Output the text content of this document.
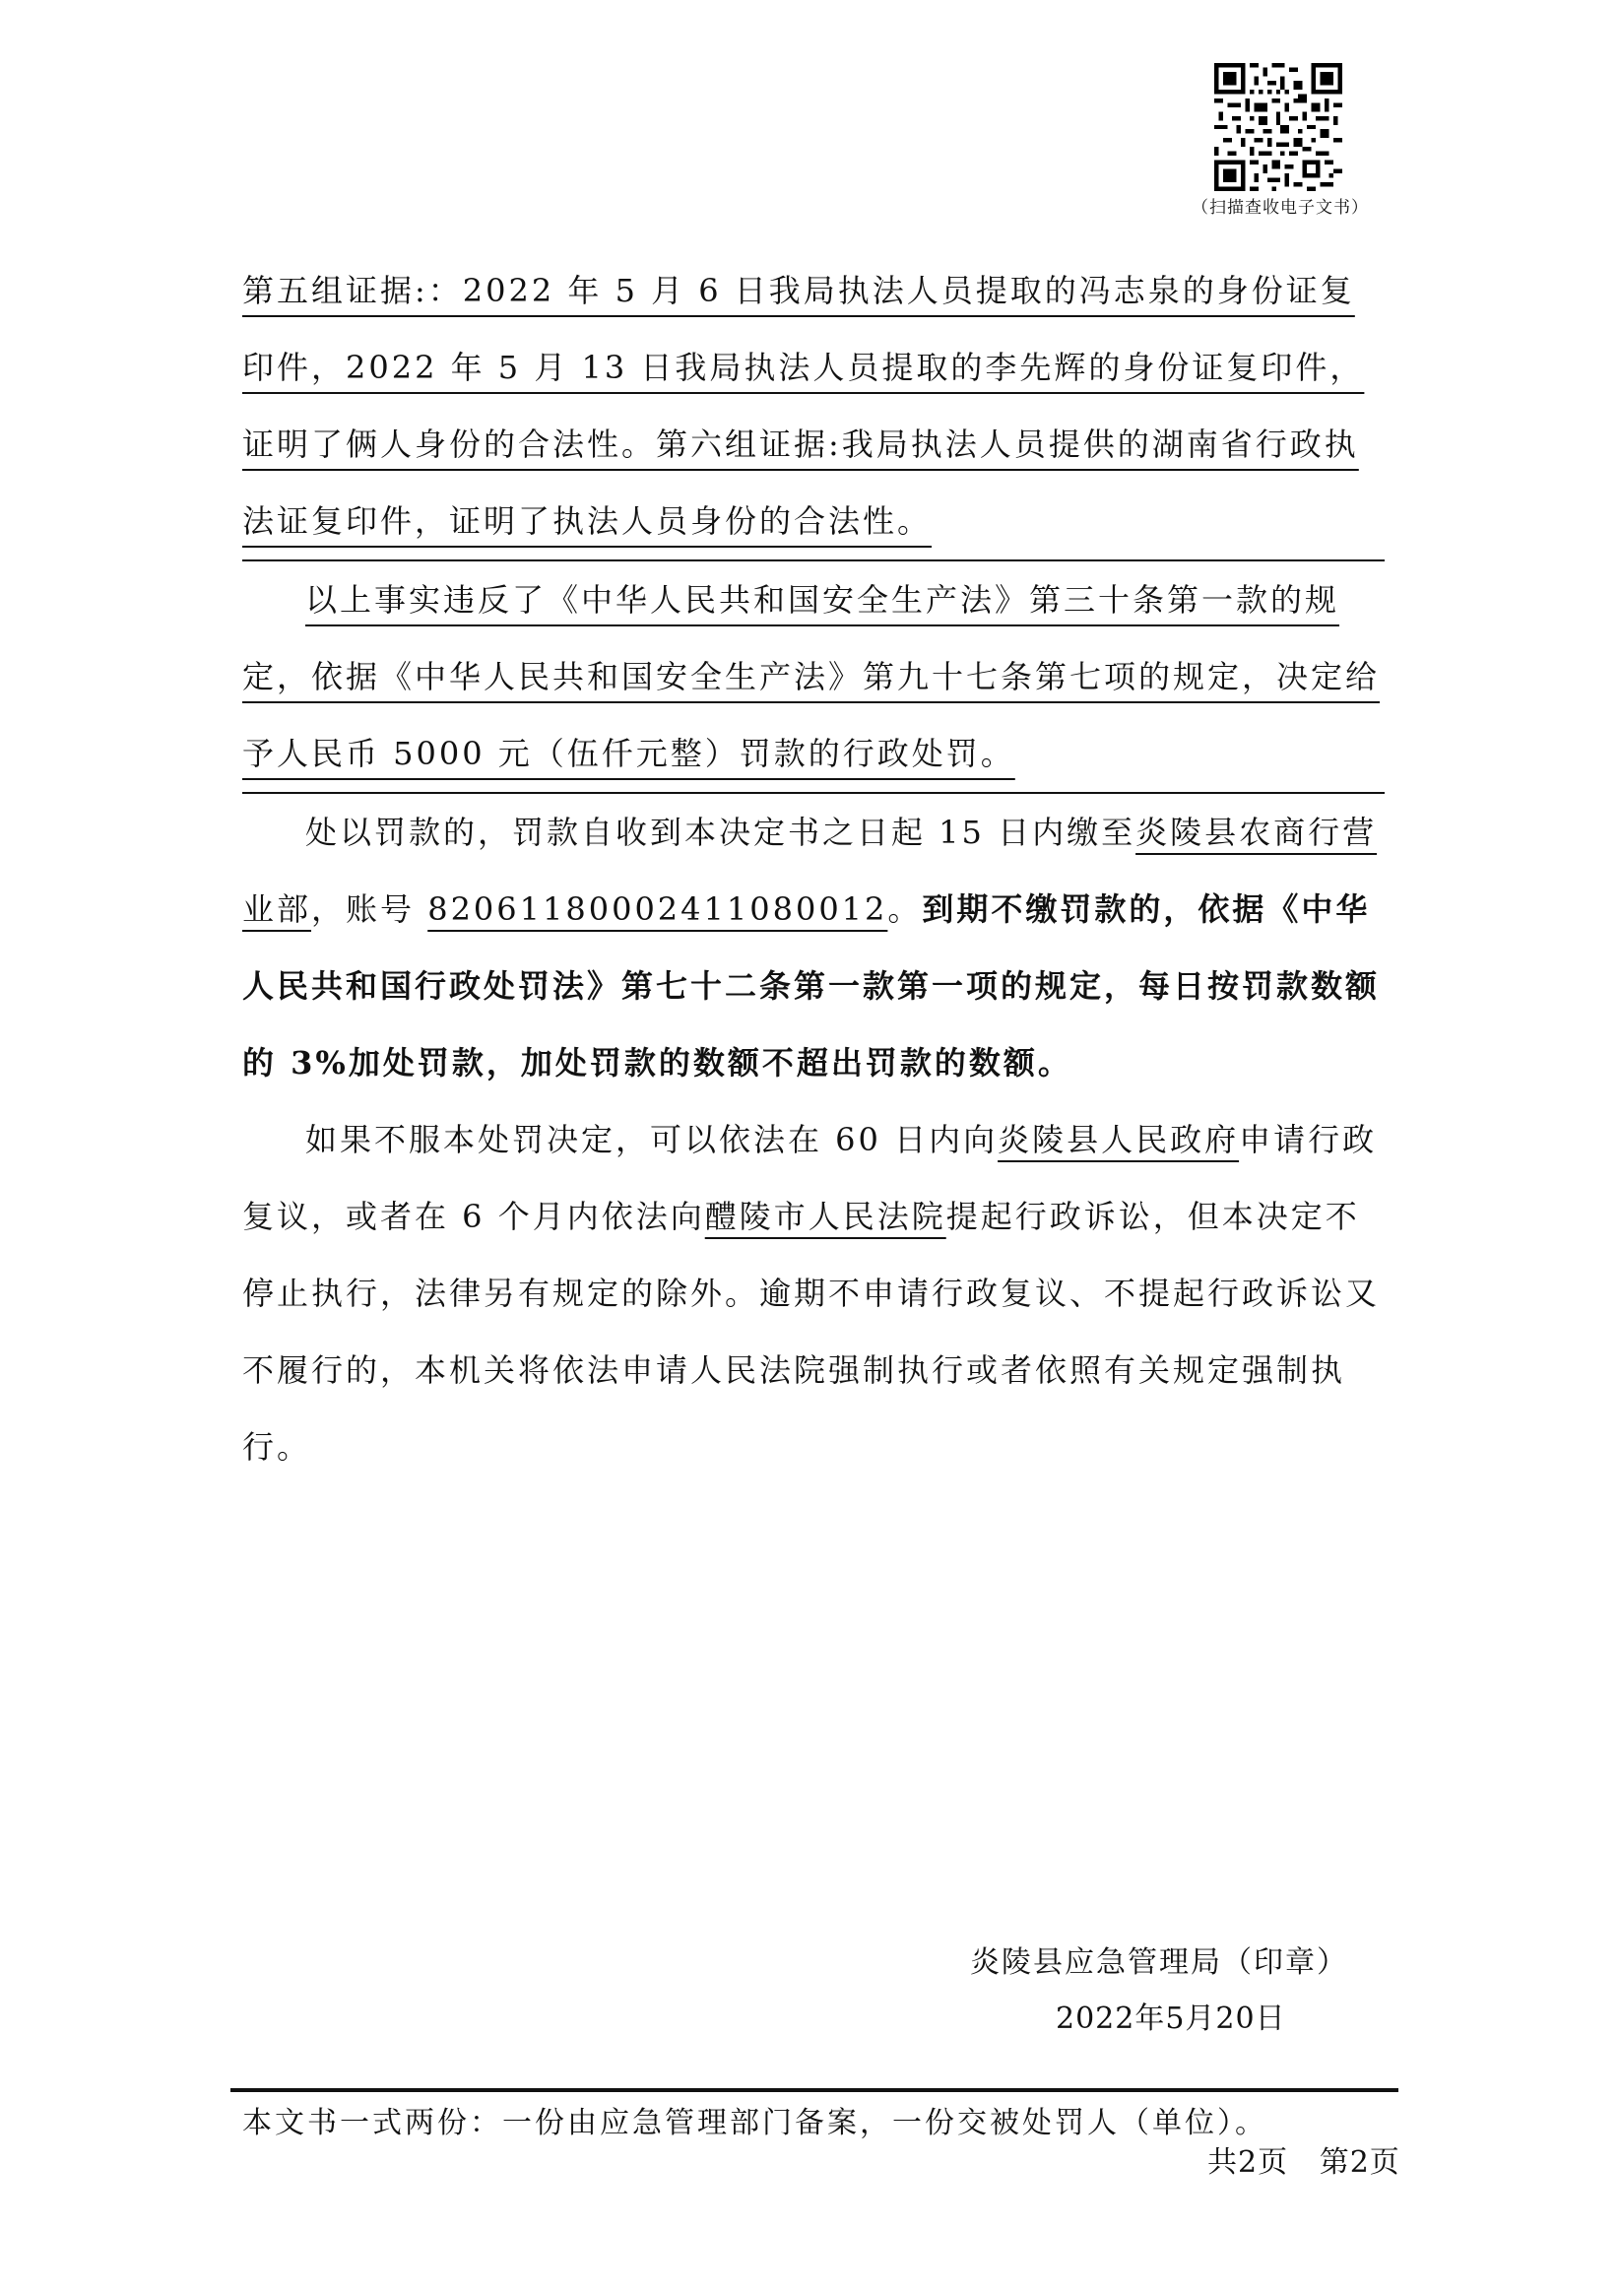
（扫描查收电子文书）

第五组证据:：2022 年 5 月 6 日我局执法人员提取的冯志泉的身份证复印件，2022 年 5 月 13 日我局执法人员提取的李先辉的身份证复印件，证明了俩人身份的合法性。第六组证据:我局执法人员提供的湖南省行政执法证复印件，证明了执法人员身份的合法性。

以上事实违反了《中华人民共和国安全生产法》第三十条第一款的规定，依据《中华人民共和国安全生产法》第九十七条第七项的规定，决定给予人民币 5000 元（伍仟元整）罚款的行政处罚。

处以罚款的，罚款自收到本决定书之日起 15 日内缴至炎陵县农商行营业部，账号 82061180002411080012。到期不缴罚款的，依据《中华人民共和国行政处罚法》第七十二条第一款第一项的规定，每日按罚款数额的 3%加处罚款，加处罚款的数额不超出罚款的数额。

如果不服本处罚决定，可以依法在 60 日内向炎陵县人民政府申请行政复议，或者在 6 个月内依法向醴陵市人民法院提起行政诉讼，但本决定不停止执行，法律另有规定的除外。逾期不申请行政复议、不提起行政诉讼又不履行的，本机关将依法申请人民法院强制执行或者依照有关规定强制执行。

炎陵县应急管理局（印章）
2022年5月20日
本文书一式两份：一份由应急管理部门备案，一份交被处罚人（单位）。
共2页   第2页
